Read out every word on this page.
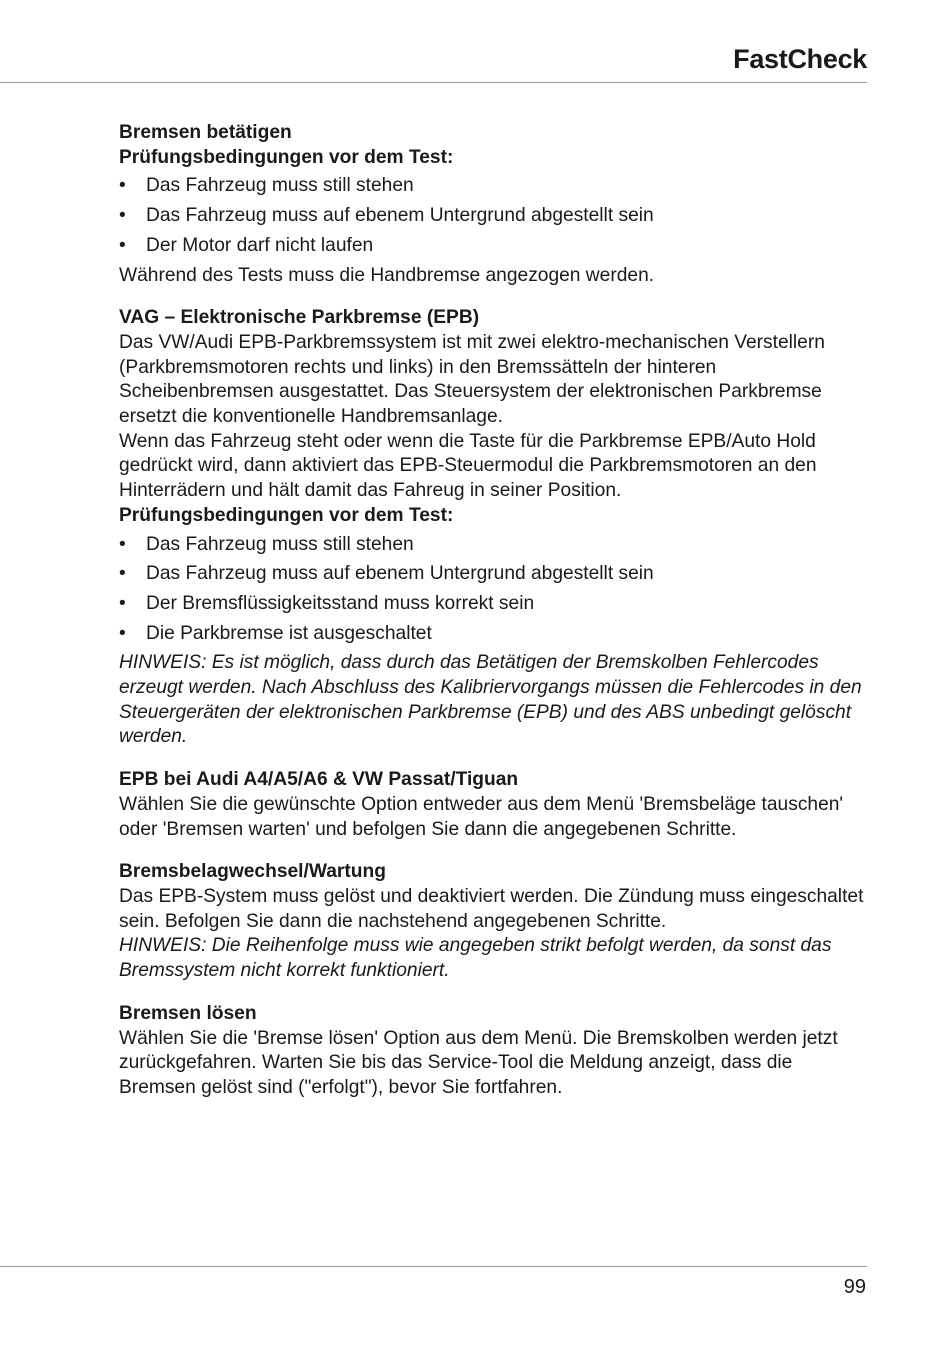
FastCheck

Bremsen betätigen

Prüfungsbedingungen vor dem Test:

• Das Fahrzeug muss still stehen
• Das Fahrzeug muss auf ebenem Untergrund abgestellt sein
• Der Motor darf nicht laufen

Während des Tests muss die Handbremse angezogen werden.

VAG – Elektronische Parkbremse (EPB)

Das VW/Audi EPB-Parkbremssystem ist mit zwei elektro-mechanischen Verstellern (Parkbremsmotoren rechts und links) in den Bremssätteln der hinteren Scheibenbremsen ausgestattet. Das Steuersystem der elektronischen Parkbremse ersetzt die konventionelle Handbremsanlage.

Wenn das Fahrzeug steht oder wenn die Taste für die Parkbremse EPB/Auto Hold gedrückt wird, dann aktiviert das EPB-Steuermodul die Parkbremsmotoren an den Hinterrädern und hält damit das Fahreug in seiner Position.

Prüfungsbedingungen vor dem Test:

• Das Fahrzeug muss still stehen
• Das Fahrzeug muss auf ebenem Untergrund abgestellt sein
• Der Bremsflüssigkeitsstand muss korrekt sein
• Die Parkbremse ist ausgeschaltet

HINWEIS: Es ist möglich, dass durch das Betätigen der Bremskolben Fehlercodes erzeugt werden. Nach Abschluss des Kalibriervorgangs müssen die Fehlercodes in den Steuergeräten der elektronischen Parkbremse (EPB) und des ABS unbedingt gelöscht werden.

EPB bei Audi A4/A5/A6 & VW Passat/Tiguan

Wählen Sie die gewünschte Option entweder aus dem Menü 'Bremsbeläge tauschen' oder 'Bremsen warten' und befolgen Sie dann die angegebenen Schritte.

Bremsbelagwechsel/Wartung

Das EPB-System muss gelöst und deaktiviert werden. Die Zündung muss eingeschaltet sein. Befolgen Sie dann die nachstehend angegebenen Schritte.

HINWEIS: Die Reihenfolge muss wie angegeben strikt befolgt werden, da sonst das Bremssystem nicht korrekt funktioniert.

Bremsen lösen

Wählen Sie die 'Bremse lösen' Option aus dem Menü. Die Bremskolben werden jetzt zurückgefahren. Warten Sie bis das Service-Tool die Meldung anzeigt, dass die Bremsen gelöst sind ("erfolgt"), bevor Sie fortfahren.

99
